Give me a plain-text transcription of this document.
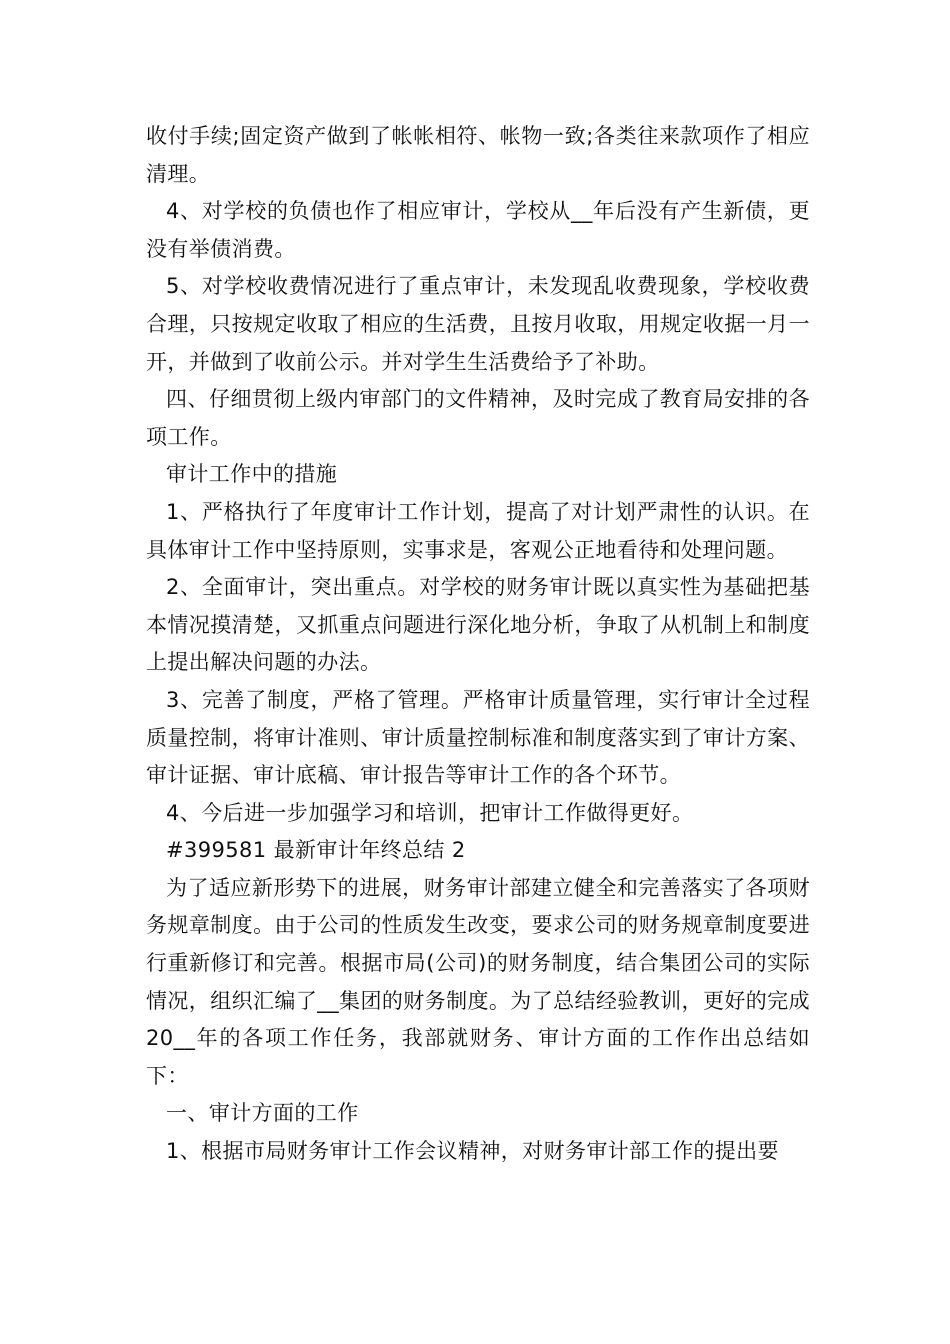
收付手续;固定资产做到了帐帐相符、帐物一致;各类往来款项作了相应清理。

4、对学校的负债也作了相应审计，学校从__年后没有产生新债，更没有举债消费。

5、对学校收费情况进行了重点审计，未发现乱收费现象，学校收费合理，只按规定收取了相应的生活费，且按月收取，用规定收据一月一开，并做到了收前公示。并对学生生活费给予了补助。

四、仔细贯彻上级内审部门的文件精神，及时完成了教育局安排的各项工作。

审计工作中的措施

1、严格执行了年度审计工作计划，提高了对计划严肃性的认识。在具体审计工作中坚持原则，实事求是，客观公正地看待和处理问题。

2、全面审计，突出重点。对学校的财务审计既以真实性为基础把基本情况摸清楚，又抓重点问题进行深化地分析，争取了从机制上和制度上提出解决问题的办法。

3、完善了制度，严格了管理。严格审计质量管理，实行审计全过程质量控制，将审计准则、审计质量控制标准和制度落实到了审计方案、审计证据、审计底稿、审计报告等审计工作的各个环节。

4、今后进一步加强学习和培训，把审计工作做得更好。

#399581 最新审计年终总结 2

为了适应新形势下的进展，财务审计部建立健全和完善落实了各项财务规章制度。由于公司的性质发生改变，要求公司的财务规章制度要进行重新修订和完善。根据市局(公司)的财务制度，结合集团公司的实际情况，组织汇编了__集团的财务制度。为了总结经验教训，更好的完成 20__年的各项工作任务，我部就财务、审计方面的工作作出总结如下：

一、审计方面的工作

1、根据市局财务审计工作会议精神，对财务审计部工作的提出要
